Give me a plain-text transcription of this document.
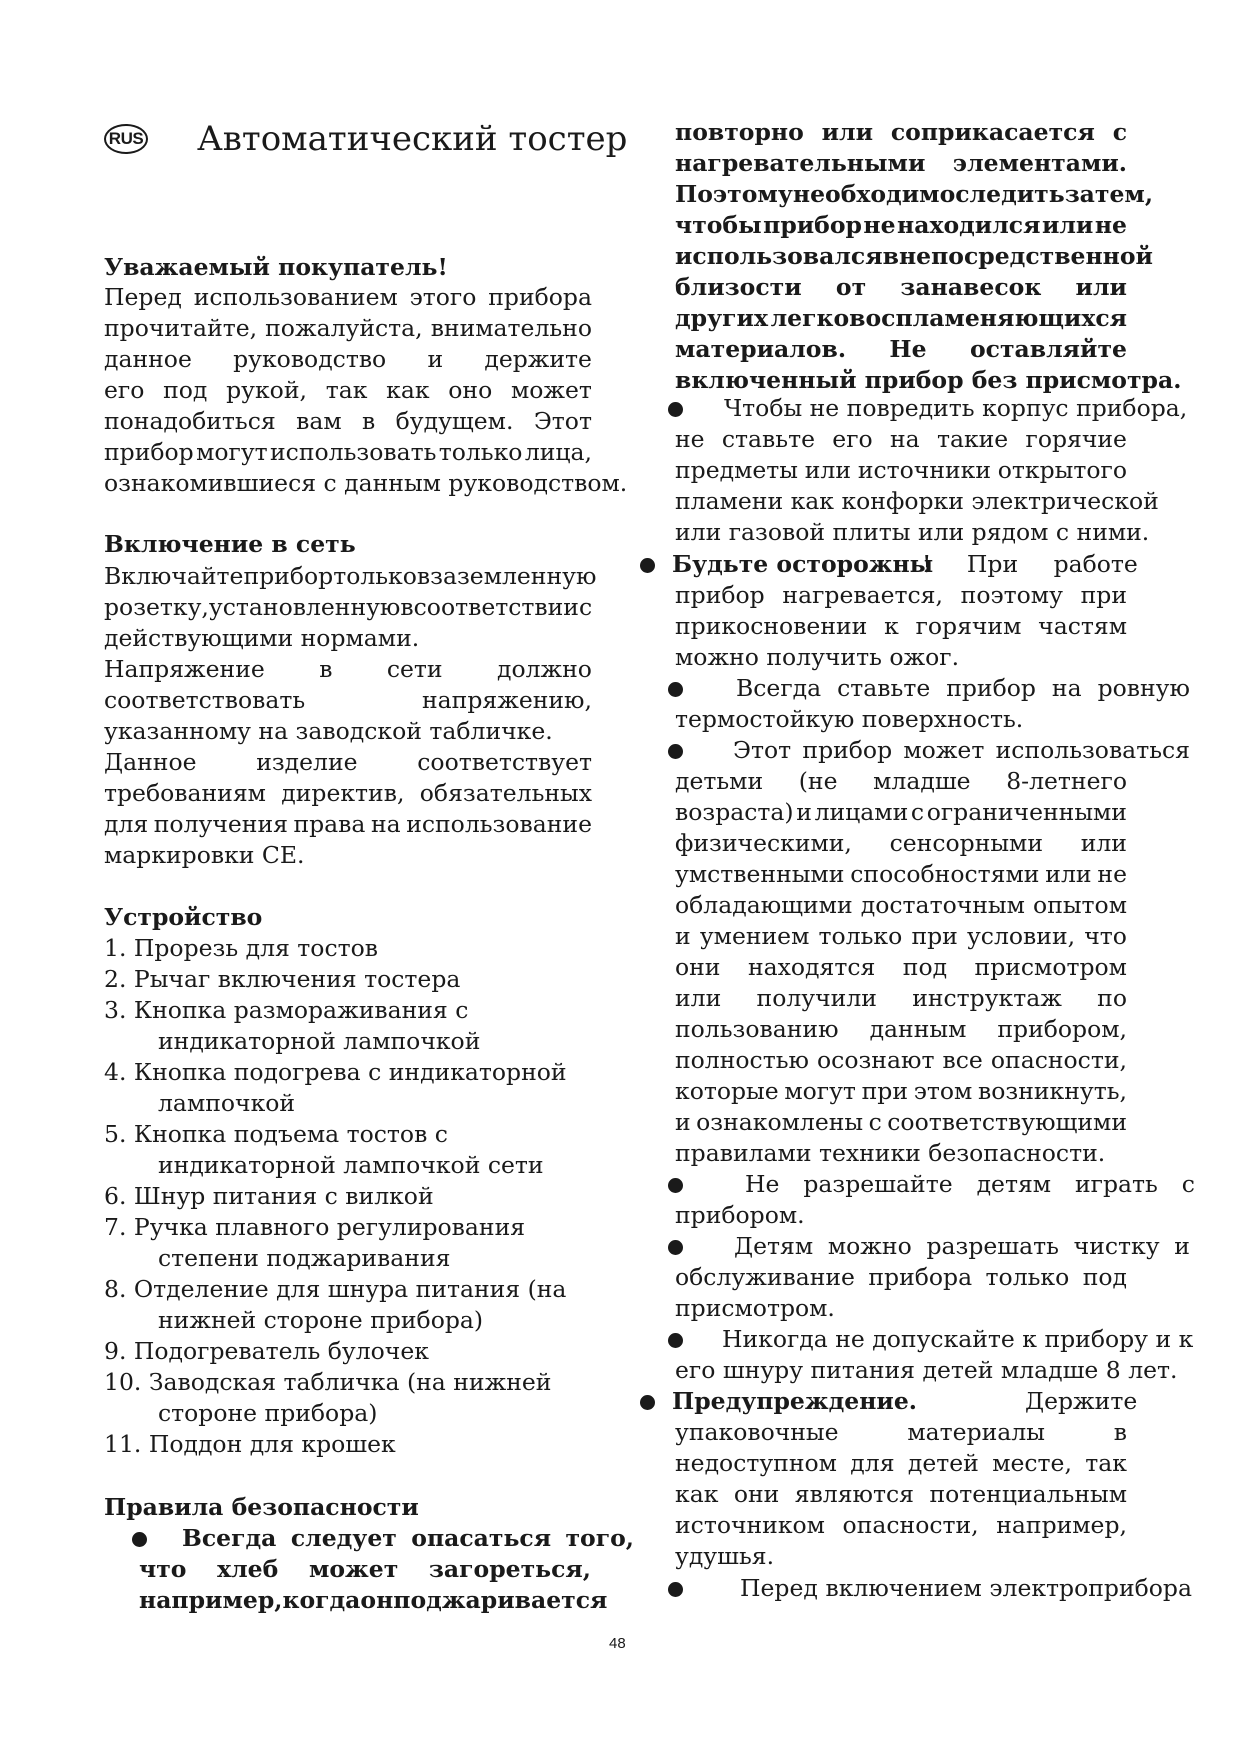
RUS Автоматический тостер
Уважаемый покупатель!
Перед использованием этого прибора
прочитайте, пожалуйста, внимательно
данное руководство и держите
его под рукой, так как оно может
понадобиться вам в будущем. Этот
прибор могут использовать только лица,
ознакомившиеся с данным руководством.
Включение в сеть
Включайте прибор только в заземленную
розетку, установленную в соответствии с
действующими нормами.
Напряжение в сети должно
соответствовать	напряжению,
указанному на заводской табличке.
Данное	изделие	соответствует
требованиям директив, обязательных
для получения права на использование
маркировки СЕ.
Устройство
1. Прорезь для тостов
2. Рычаг включения тостера
3. Кнопка размораживания с
индикаторной лампочкой
4. Кнопка подогрева с индикаторной
лампочкой
5. Кнопка подъема тостов с
индикаторной лампочкой сети
6. Шнур питания с вилкой
7. Ручка плавного регулирования
степени поджаривания
8. Отделение для шнура питания (на
нижней стороне прибора)
9. Подогреватель булочек
10. Заводская табличка (на нижней
стороне прибора)
11. Поддон для крошек
Правила безопасности
Всегда следует опасаться того,
что хлеб может загореться,
например, когда он поджаривается
повторно или соприкасается с
нагревательными элементами.
Поэтому необходимо следить за тем,
чтобы прибор не находился или не
использовался в непосредственной
близости от занавесок или
других легковоспламеняющихся
материалов. Не оставляйте
включенный прибор без присмотра.
Чтобы не повредить корпус прибора,
не ставьте его на такие горячие
предметы или источники открытого
пламени как конфорки электрической
или газовой плиты или рядом с ними.
Будьте осторожны
! При работе
прибор нагревается, поэтому при
прикосновении к горячим частям
можно получить ожог.
Всегда ставьте прибор на ровную
термостойкую поверхность.
Этот прибор может использоваться
детьми (не младше 8-летнего
возраста) и лицами с ограниченными
физическими, сенсорными или
умственными способностями или не
обладающими достаточным опытом
и умением только при условии, что
они находятся под присмотром
или получили инструктаж по
пользованию данным прибором,
полностью осознают все опасности,
которые могут при этом возникнуть,
и ознакомлены с соответствующими
правилами техники безопасности.
Не разрешайте детям играть с
прибором.
Детям можно разрешать чистку и
обслуживание прибора только под
присмотром.
Никогда не допускайте к прибору и к
его шнуру питания детей младше 8 лет.
Предупреждение.	Держите
упаковочные	материалы	в
недоступном для детей месте, так
как они являются потенциальным
источником опасности, например,
удушья.
Перед включением электроприбора
48
